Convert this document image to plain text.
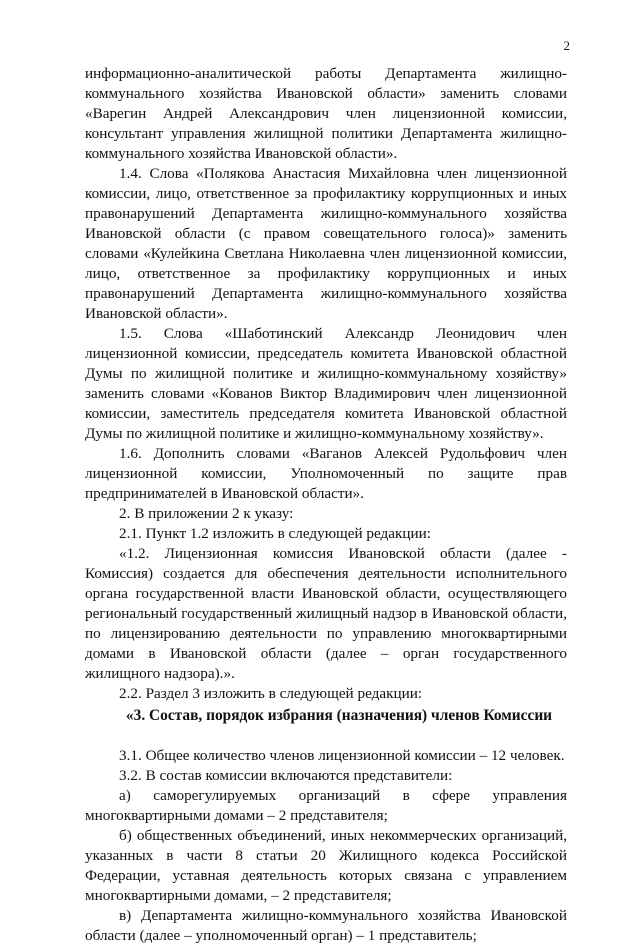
2

информационно-аналитической работы Департамента жилищно-коммунального хозяйства Ивановской области» заменить словами «Варегин Андрей Александрович член лицензионной комиссии, консультант управления жилищной политики Департамента жилищно-коммунального хозяйства Ивановской области».

1.4. Слова «Полякова Анастасия Михайловна член лицензионной комиссии, лицо, ответственное за профилактику коррупционных и иных правонарушений Департамента жилищно-коммунального хозяйства Ивановской области (с правом совещательного голоса)» заменить словами «Кулейкина Светлана Николаевна член лицензионной комиссии, лицо, ответственное за профилактику коррупционных и иных правонарушений Департамента жилищно-коммунального хозяйства Ивановской области».

1.5. Слова «Шаботинский Александр Леонидович член лицензионной комиссии, председатель комитета Ивановской областной Думы по жилищной политике и жилищно-коммунальному хозяйству» заменить словами «Кованов Виктор Владимирович член лицензионной комиссии, заместитель председателя комитета Ивановской областной Думы по жилищной политике и жилищно-коммунальному хозяйству».

1.6. Дополнить словами «Ваганов Алексей Рудольфович член лицензионной комиссии, Уполномоченный по защите прав предпринимателей в Ивановской области».

2. В приложении 2 к указу:

2.1. Пункт 1.2 изложить в следующей редакции:

«1.2. Лицензионная комиссия Ивановской области (далее - Комиссия) создается для обеспечения деятельности исполнительного органа государственной власти Ивановской области, осуществляющего региональный государственный жилищный надзор в Ивановской области, по лицензированию деятельности по управлению многоквартирными домами в Ивановской области (далее – орган государственного жилищного надзора).».

2.2. Раздел 3 изложить в следующей редакции:

«3. Состав, порядок избрания (назначения) членов Комиссии

3.1. Общее количество членов лицензионной комиссии – 12 человек.

3.2. В состав комиссии включаются представители:

а) саморегулируемых организаций в сфере управления многоквартирными домами – 2 представителя;

б) общественных объединений, иных некоммерческих организаций, указанных в части 8 статьи 20 Жилищного кодекса Российской Федерации, уставная деятельность которых связана с управлением многоквартирными домами, – 2 представителя;

в) Департамента жилищно-коммунального хозяйства Ивановской области (далее – уполномоченный орган) – 1 представитель;
